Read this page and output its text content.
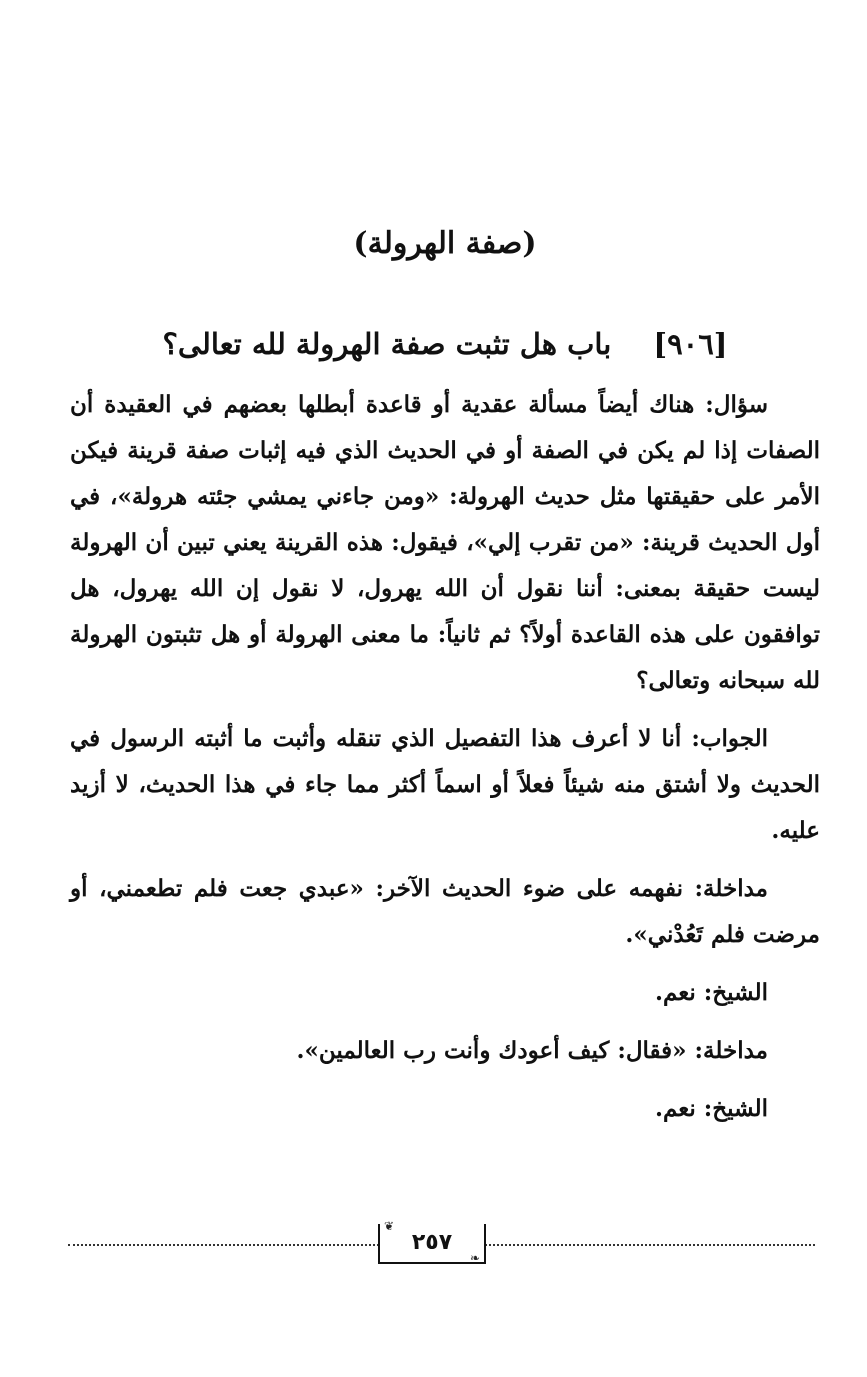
(صفة الهرولة)
[٩٠٦]باب هل تثبت صفة الهرولة لله تعالى؟

سؤال: هناك أيضاً مسألة عقدية أو قاعدة أبطلها بعضهم في العقيدة أن الصفات إذا لم يكن في الصفة أو في الحديث الذي فيه إثبات صفة قرينة فيكن الأمر على حقيقتها مثل حديث الهرولة: «ومن جاءني يمشي جئته هرولة»، في أول الحديث قرينة: «من تقرب إلي»، فيقول: هذه القرينة يعني تبين أن الهرولة ليست حقيقة بمعنى: أننا نقول أن الله يهرول، لا نقول إن الله يهرول، هل توافقون على هذه القاعدة أولاً؟ ثم ثانياً: ما معنى الهرولة أو هل تثبتون الهرولة لله سبحانه وتعالى؟

الجواب: أنا لا أعرف هذا التفصيل الذي تنقله وأثبت ما أثبته الرسول في الحديث ولا أشتق منه شيئاً فعلاً أو اسماً أكثر مما جاء في هذا الحديث، لا أزيد عليه.

مداخلة: نفهمه على ضوء الحديث الآخر: «عبدي جعت فلم تطعمني، أو مرضت فلم تَعُدْني».

الشيخ: نعم.

مداخلة: «فقال: كيف أعودك وأنت رب العالمين».

الشيخ: نعم.

❦
٢٥٧
❧
